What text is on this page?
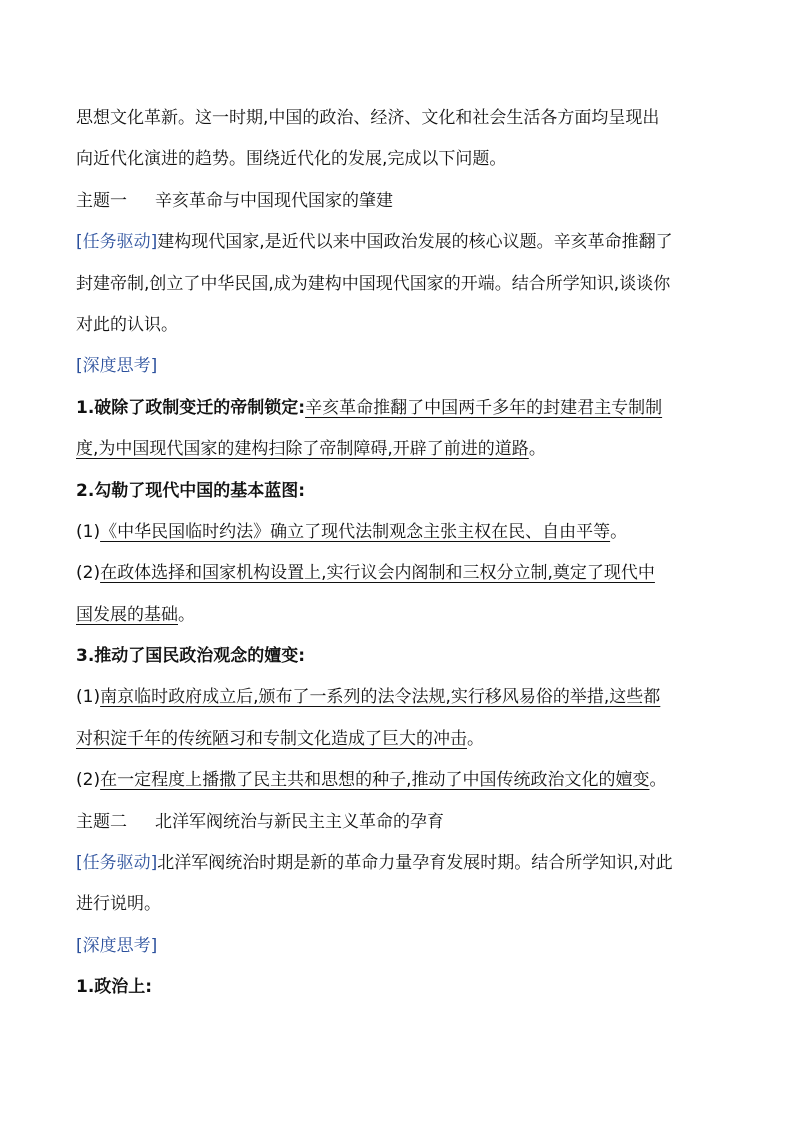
思想文化革新。这一时期,中国的政治、经济、文化和社会生活各方面均呈现出
向近代化演进的趋势。围绕近代化的发展,完成以下问题。
主题一 辛亥革命与中国现代国家的肇建
[任务驱动]建构现代国家,是近代以来中国政治发展的核心议题。辛亥革命推翻了
封建帝制,创立了中华民国,成为建构中国现代国家的开端。结合所学知识,谈谈你
对此的认识。
[深度思考]
1.破除了政制变迁的帝制锁定:辛亥革命推翻了中国两千多年的封建君主专制制
度,为中国现代国家的建构扫除了帝制障碍,开辟了前进的道路。
2.勾勒了现代中国的基本蓝图:
(1)《中华民国临时约法》确立了现代法制观念主张主权在民、自由平等。
(2)在政体选择和国家机构设置上,实行议会内阁制和三权分立制,奠定了现代中
国发展的基础。
3.推动了国民政治观念的嬗变:
(1)南京临时政府成立后,颁布了一系列的法令法规,实行移风易俗的举措,这些都
对积淀千年的传统陋习和专制文化造成了巨大的冲击。
(2)在一定程度上播撒了民主共和思想的种子,推动了中国传统政治文化的嬗变。
主题二 北洋军阀统治与新民主主义革命的孕育
[任务驱动]北洋军阀统治时期是新的革命力量孕育发展时期。结合所学知识,对此
进行说明。
[深度思考]
1.政治上:
